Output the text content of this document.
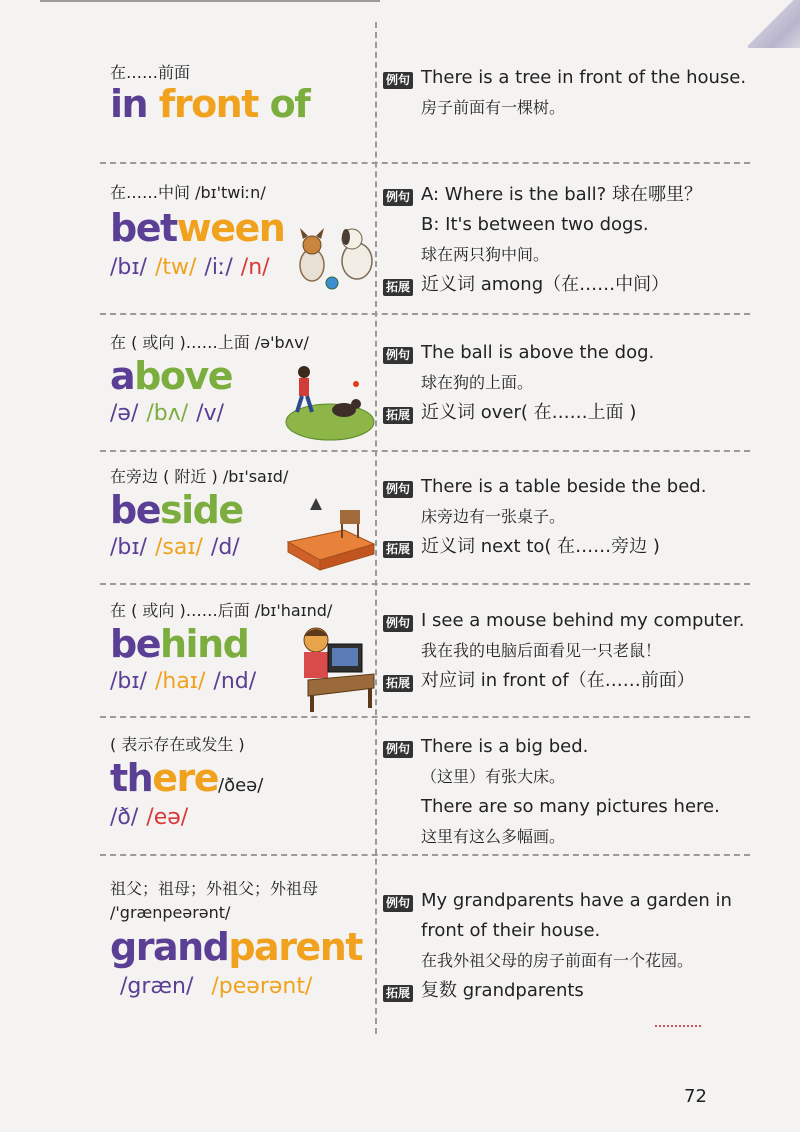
在……前面
in front of
例句 There is a tree in front of the house.
房子前面有一棵树。
在……中间 /bɪ'twiːn/
between
/bɪ/ /tw/ /iː/ /n/
例句 A: Where is the ball? 球在哪里？
B: It's between two dogs.
球在两只狗中间。
拓展 近义词 among（在……中间）
在 ( 或向 )……上面 /ə'bʌv/
above
/ə/ /bʌ/ /v/
例句 The ball is above the dog.
球在狗的上面。
拓展 近义词 over( 在……上面 )
在旁边 ( 附近 ) /bɪ'saɪd/
beside
/bɪ/ /saɪ/ /d/
例句 There is a table beside the bed.
床旁边有一张桌子。
拓展 近义词 next to( 在……旁边 )
在 ( 或向 )……后面 /bɪ'haɪnd/
behind
/bɪ/ /haɪ/ /nd/
例句 I see a mouse behind my computer.
我在我的电脑后面看见一只老鼠！
拓展 对应词 in front of（在……前面）
( 表示存在或发生 )
there/ðeə/
/ð/ /eə/
例句 There is a big bed.
（这里）有张大床。
There are so many pictures here.
这里有这么多幅画。
祖父；祖母；外祖父；外祖母
/'grænpeərənt/
grandparent
/græn/ /peərənt/
例句 My grandparents have a garden in
front of their house.
在我外祖父母的房子前面有一个花园。
拓展 复数 grandparents
72
